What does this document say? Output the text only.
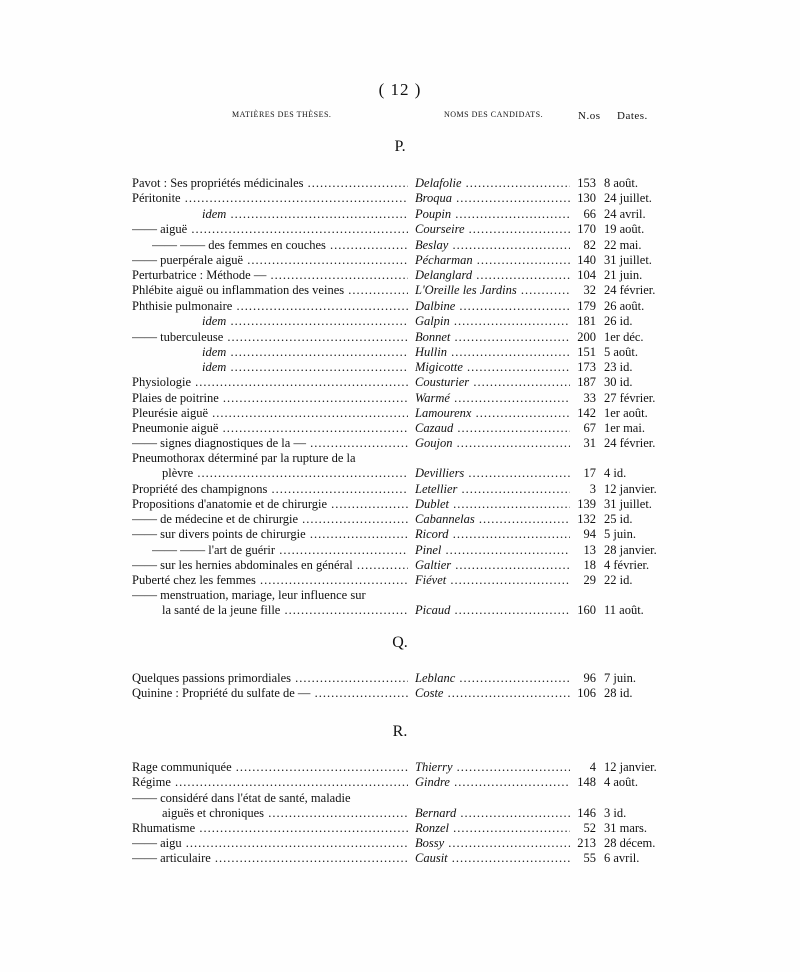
( 12 )
MATIÈRES DES THÈSES.	NOMS DES CANDIDATS.	N.os Dates.
P.
Pavot : Ses propriétés médicinales .....	Delafolie .....	153 8 août.
Péritonite .....	Broqua .....	130 24 juillet.
idem .....	Poupin .....	66 24 avril.
—— aiguë .....	Courseire .....	170 19 août.
—— —— des femmes en couches .....	Beslay .....	82 22 mai.
—— puerpérale aiguë .....	Pécharman .....	140 31 juillet.
Perturbatrice : Méthode — .....	Delanglard .....	104 21 juin.
Phlébite aiguë ou inflammation des veines .....	L'Oreille les Jardins .....	32 24 février.
Phthisie pulmonaire .....	Dalbine .....	179 26 août.
idem .....	Galpin .....	181 26 id.
—— tuberculeuse .....	Bonnet .....	200 1er déc.
idem .....	Hullin .....	151 5 août.
idem .....	Migicotte .....	173 23 id.
Physiologie .....	Cousturier .....	187 30 id.
Plaies de poitrine .....	Warmé .....	33 27 février.
Pleurésie aiguë .....	Lamourenx .....	142 1er août.
Pneumonie aiguë .....	Cazaud .....	67 1er mai.
—— signes diagnostiques de la — .....	Goujon .....	31 24 février.
Pneumothorax déterminé par la rupture de la
plèvre .....	Devilliers .....	17 4 id.
Propriété des champignons .....	Letellier .....	3 12 janvier.
Propositions d'anatomie et de chirurgie .....	Dublet .....	139 31 juillet.
—— de médecine et de chirurgie .....	Cabannelas .....	132 25 id.
—— sur divers points de chirurgie .....	Ricord .....	94 5 juin.
—— —— l'art de guérir .....	Pinel .....	13 28 janvier.
—— sur les hernies abdominales en général .....	Galtier .....	18 4 février.
Puberté chez les femmes .....	Fiévet .....	29 22 id.
—— menstruation, mariage, leur influence sur
la santé de la jeune fille .....	Picaud .....	160 11 août.
Q.
Quelques passions primordiales .....	Leblanc .....	96 7 juin.
Quinine : Propriété du sulfate de — .....	Coste .....	106 28 id.
R.
Rage communiquée .....	Thierry .....	4 12 janvier.
Régime .....	Gindre .....	148 4 août.
—— considéré dans l'état de santé, maladie
aiguës et chroniques .....	Bernard .....	146 3 id.
Rhumatisme .....	Ronzel .....	52 31 mars.
—— aigu .....	Bossy .....	213 28 décem.
—— articulaire .....	Causit .....	55 6 avril.
